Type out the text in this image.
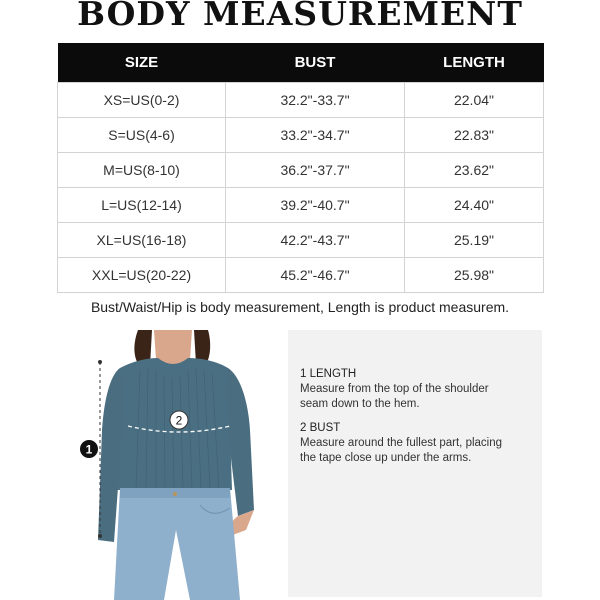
BODY MEASUREMENT
SIZE	BUST	LENGTH
XS=US(0-2)	32.2"-33.7"	22.04"
S=US(4-6)	33.2"-34.7"	22.83"
M=US(8-10)	36.2"-37.7"	23.62"
L=US(12-14)	39.2"-40.7"	24.40"
XL=US(16-18)	42.2"-43.7"	25.19"
XXL=US(20-22)	45.2"-46.7"	25.98"
Bust/Waist/Hip is body measurement, Length is product measurem.
2
1
1 LENGTH
Measure from the top of the shoulder
seam down to the hem.
2 BUST
Measure around the fullest part, placing
the tape close up under the arms.
